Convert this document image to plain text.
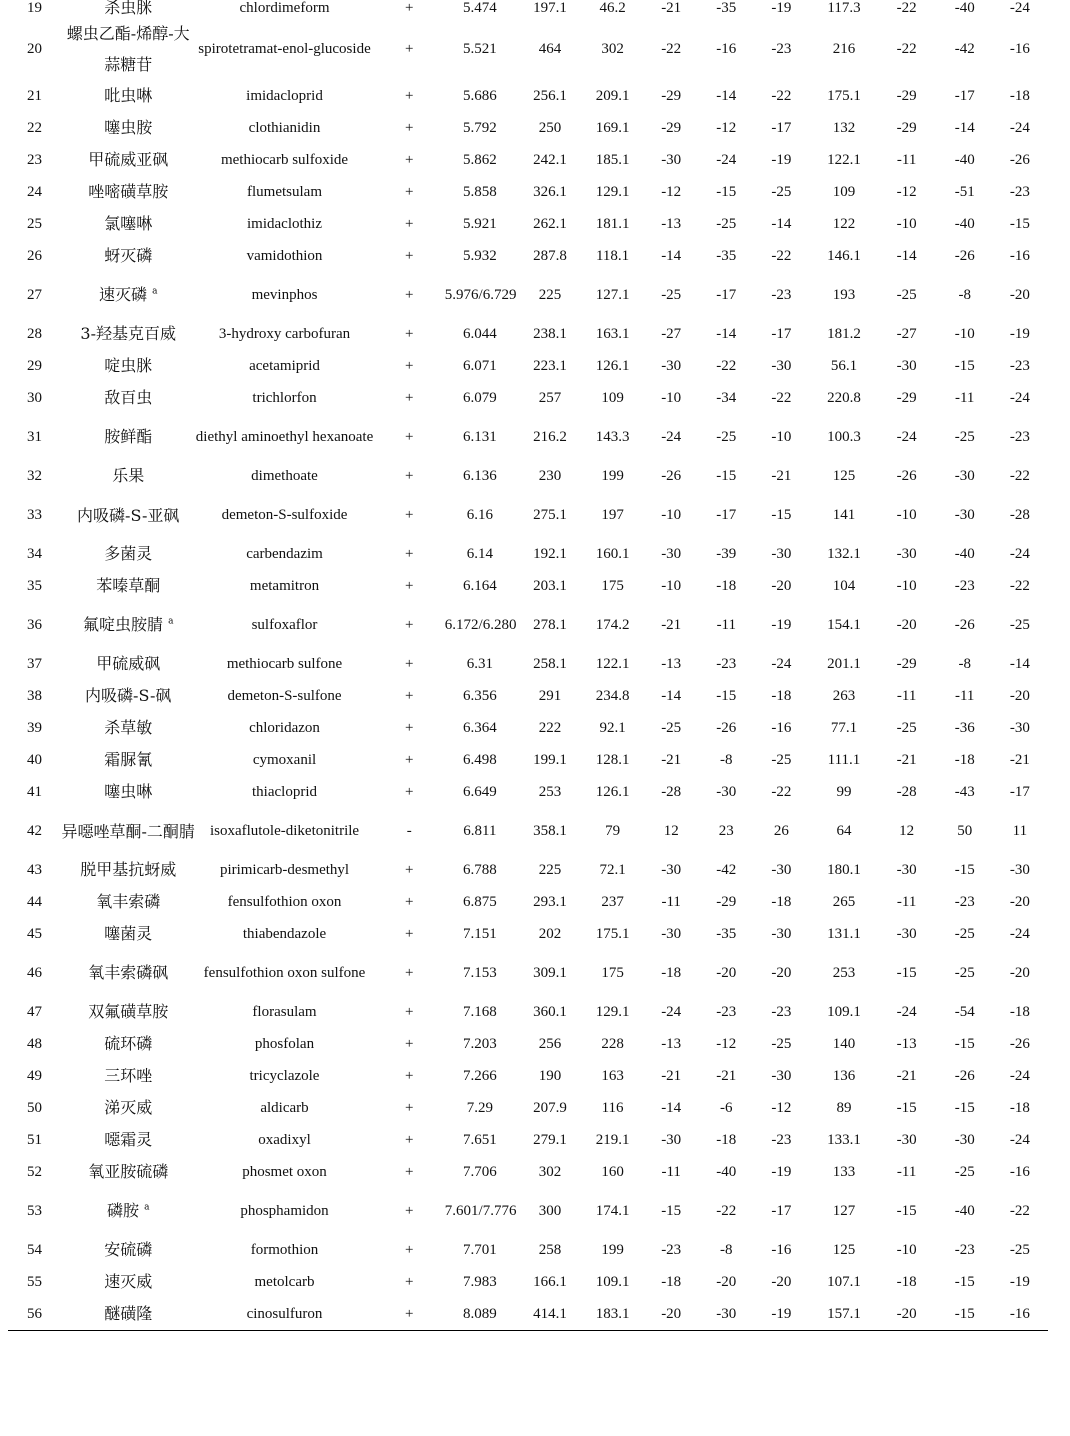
19	杀虫脒	chlordimeform	+	5.474	197.1	46.2	-21	-35	-19	117.3	-22	-40	-24
20	螺虫乙酯-烯醇-大蒜糖苷	spirotetramat-enol-glucoside	+	5.521	464	302	-22	-16	-23	216	-22	-42	-16
21	吡虫啉	imidacloprid	+	5.686	256.1	209.1	-29	-14	-22	175.1	-29	-17	-18
22	噻虫胺	clothianidin	+	5.792	250	169.1	-29	-12	-17	132	-29	-14	-24
23	甲硫威亚砜	methiocarb sulfoxide	+	5.862	242.1	185.1	-30	-24	-19	122.1	-11	-40	-26
24	唑嘧磺草胺	flumetsulam	+	5.858	326.1	129.1	-12	-15	-25	109	-12	-51	-23
25	氯噻啉	imidaclothiz	+	5.921	262.1	181.1	-13	-25	-14	122	-10	-40	-15
26	蚜灭磷	vamidothion	+	5.932	287.8	118.1	-14	-35	-22	146.1	-14	-26	-16
27	速灭磷 $^a$	mevinphos	+	5.976/6.729	225	127.1	-25	-17	-23	193	-25	-8	-20
28	3-羟基克百威	3-hydroxy carbofuran	+	6.044	238.1	163.1	-27	-14	-17	181.2	-27	-10	-19
29	啶虫脒	acetamiprid	+	6.071	223.1	126.1	-30	-22	-30	56.1	-30	-15	-23
30	敌百虫	trichlorfon	+	6.079	257	109	-10	-34	-22	220.8	-29	-11	-24
31	胺鲜酯	diethyl aminoethyl hexanoate	+	6.131	216.2	143.3	-24	-25	-10	100.3	-24	-25	-23
32	乐果	dimethoate	+	6.136	230	199	-26	-15	-21	125	-26	-30	-22
33	内吸磷-S-亚砜	demeton-S-sulfoxide	+	6.16	275.1	197	-10	-17	-15	141	-10	-30	-28
34	多菌灵	carbendazim	+	6.14	192.1	160.1	-30	-39	-30	132.1	-30	-40	-24
35	苯嗪草酮	metamitron	+	6.164	203.1	175	-10	-18	-20	104	-10	-23	-22
36	氟啶虫胺腈 $^a$	sulfoxaflor	+	6.172/6.280	278.1	174.2	-21	-11	-19	154.1	-20	-26	-25
37	甲硫威砜	methiocarb sulfone	+	6.31	258.1	122.1	-13	-23	-24	201.1	-29	-8	-14
38	内吸磷-S-砜	demeton-S-sulfone	+	6.356	291	234.8	-14	-15	-18	263	-11	-11	-20
39	杀草敏	chloridazon	+	6.364	222	92.1	-25	-26	-16	77.1	-25	-36	-30
40	霜脲氰	cymoxanil	+	6.498	199.1	128.1	-21	-8	-25	111.1	-21	-18	-21
41	噻虫啉	thiacloprid	+	6.649	253	126.1	-28	-30	-22	99	-28	-43	-17
42	异噁唑草酮-二酮腈	isoxaflutole-diketonitrile	-	6.811	358.1	79	12	23	26	64	12	50	11
43	脱甲基抗蚜威	pirimicarb-desmethyl	+	6.788	225	72.1	-30	-42	-30	180.1	-30	-15	-30
44	氧丰索磷	fensulfothion oxon	+	6.875	293.1	237	-11	-29	-18	265	-11	-23	-20
45	噻菌灵	thiabendazole	+	7.151	202	175.1	-30	-35	-30	131.1	-30	-25	-24
46	氧丰索磷砜	fensulfothion oxon sulfone	+	7.153	309.1	175	-18	-20	-20	253	-15	-25	-20
47	双氟磺草胺	florasulam	+	7.168	360.1	129.1	-24	-23	-23	109.1	-24	-54	-18
48	硫环磷	phosfolan	+	7.203	256	228	-13	-12	-25	140	-13	-15	-26
49	三环唑	tricyclazole	+	7.266	190	163	-21	-21	-30	136	-21	-26	-24
50	涕灭威	aldicarb	+	7.29	207.9	116	-14	-6	-12	89	-15	-15	-18
51	噁霜灵	oxadixyl	+	7.651	279.1	219.1	-30	-18	-23	133.1	-30	-30	-24
52	氧亚胺硫磷	phosmet oxon	+	7.706	302	160	-11	-40	-19	133	-11	-25	-16
53	磷胺 $^a$	phosphamidon	+	7.601/7.776	300	174.1	-15	-22	-17	127	-15	-40	-22
54	安硫磷	formothion	+	7.701	258	199	-23	-8	-16	125	-10	-23	-25
55	速灭威	metolcarb	+	7.983	166.1	109.1	-18	-20	-20	107.1	-18	-15	-19
56	醚磺隆	cinosulfuron	+	8.089	414.1	183.1	-20	-30	-19	157.1	-20	-15	-16
